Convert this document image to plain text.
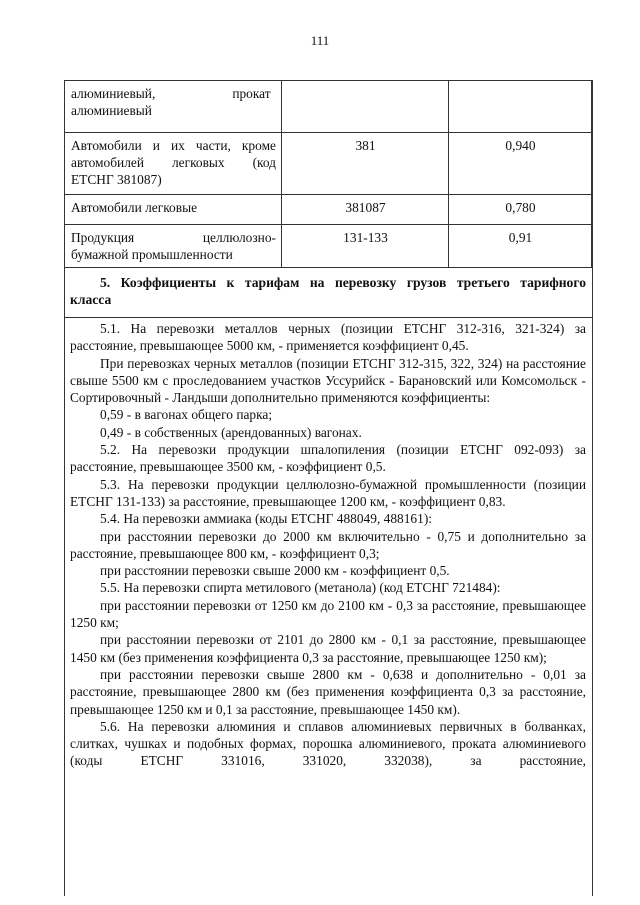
111
алюминиевый,                       прокат
алюминиевый		

Автомобили и их части, кроме
автомобилей легковых (код
ЕТСНГ 381087)	381	0,940
Автомобили легковые	381087	0,780

Продукция целлюлозно-
бумажной промышленности	131-133	0,91
5. Коэффициенты к тарифам на перевозку грузов третьего тарифного
класса

5.1. На перевозки металлов черных (позиции ЕТСНГ 312-316, 321-324) за расстояние, превышающее 5000 км, - применяется коэффициент 0,45.

При перевозках черных металлов (позиции ЕТСНГ 312-315, 322, 324) на расстояние свыше 5500 км с проследованием участков Уссурийск - Барановский или Комсомольск - Сортировочный - Ландыши дополнительно применяются коэффициенты:

0,59 - в вагонах общего парка;

0,49 - в собственных (арендованных) вагонах.

5.2. На перевозки продукции шпалопиления (позиции ЕТСНГ 092-093) за расстояние, превышающее 3500 км, - коэффициент 0,5.

5.3. На перевозки продукции целлюлозно-бумажной промышленности (позиции ЕТСНГ 131-133) за расстояние, превышающее 1200 км, - коэффициент 0,83.

5.4. На перевозки аммиака (коды ЕТСНГ 488049, 488161):

при расстоянии перевозки до 2000 км включительно - 0,75 и дополнительно за расстояние, превышающее 800 км, - коэффициент 0,3;

при расстоянии перевозки свыше 2000 км - коэффициент 0,5.

5.5. На перевозки спирта метилового (метанола) (код ЕТСНГ 721484):

при расстоянии перевозки от 1250 км до 2100 км - 0,3 за расстояние, превышающее 1250 км;

при расстоянии перевозки от 2101 до 2800 км - 0,1 за расстояние, превышающее 1450 км (без применения коэффициента 0,3 за расстояние, превышающее 1250 км);

при расстоянии перевозки свыше 2800 км - 0,638 и дополнительно - 0,01 за расстояние, превышающее 2800 км (без применения коэффициента 0,3 за расстояние, превышающее 1250 км и 0,1 за расстояние, превышающее 1450 км).

5.6. На перевозки алюминия и сплавов алюминиевых первичных в болванках, слитках, чушках и подобных формах, порошка алюминиевого, проката алюминиевого (коды ЕТСНГ 331016, 331020, 332038), за расстояние,
